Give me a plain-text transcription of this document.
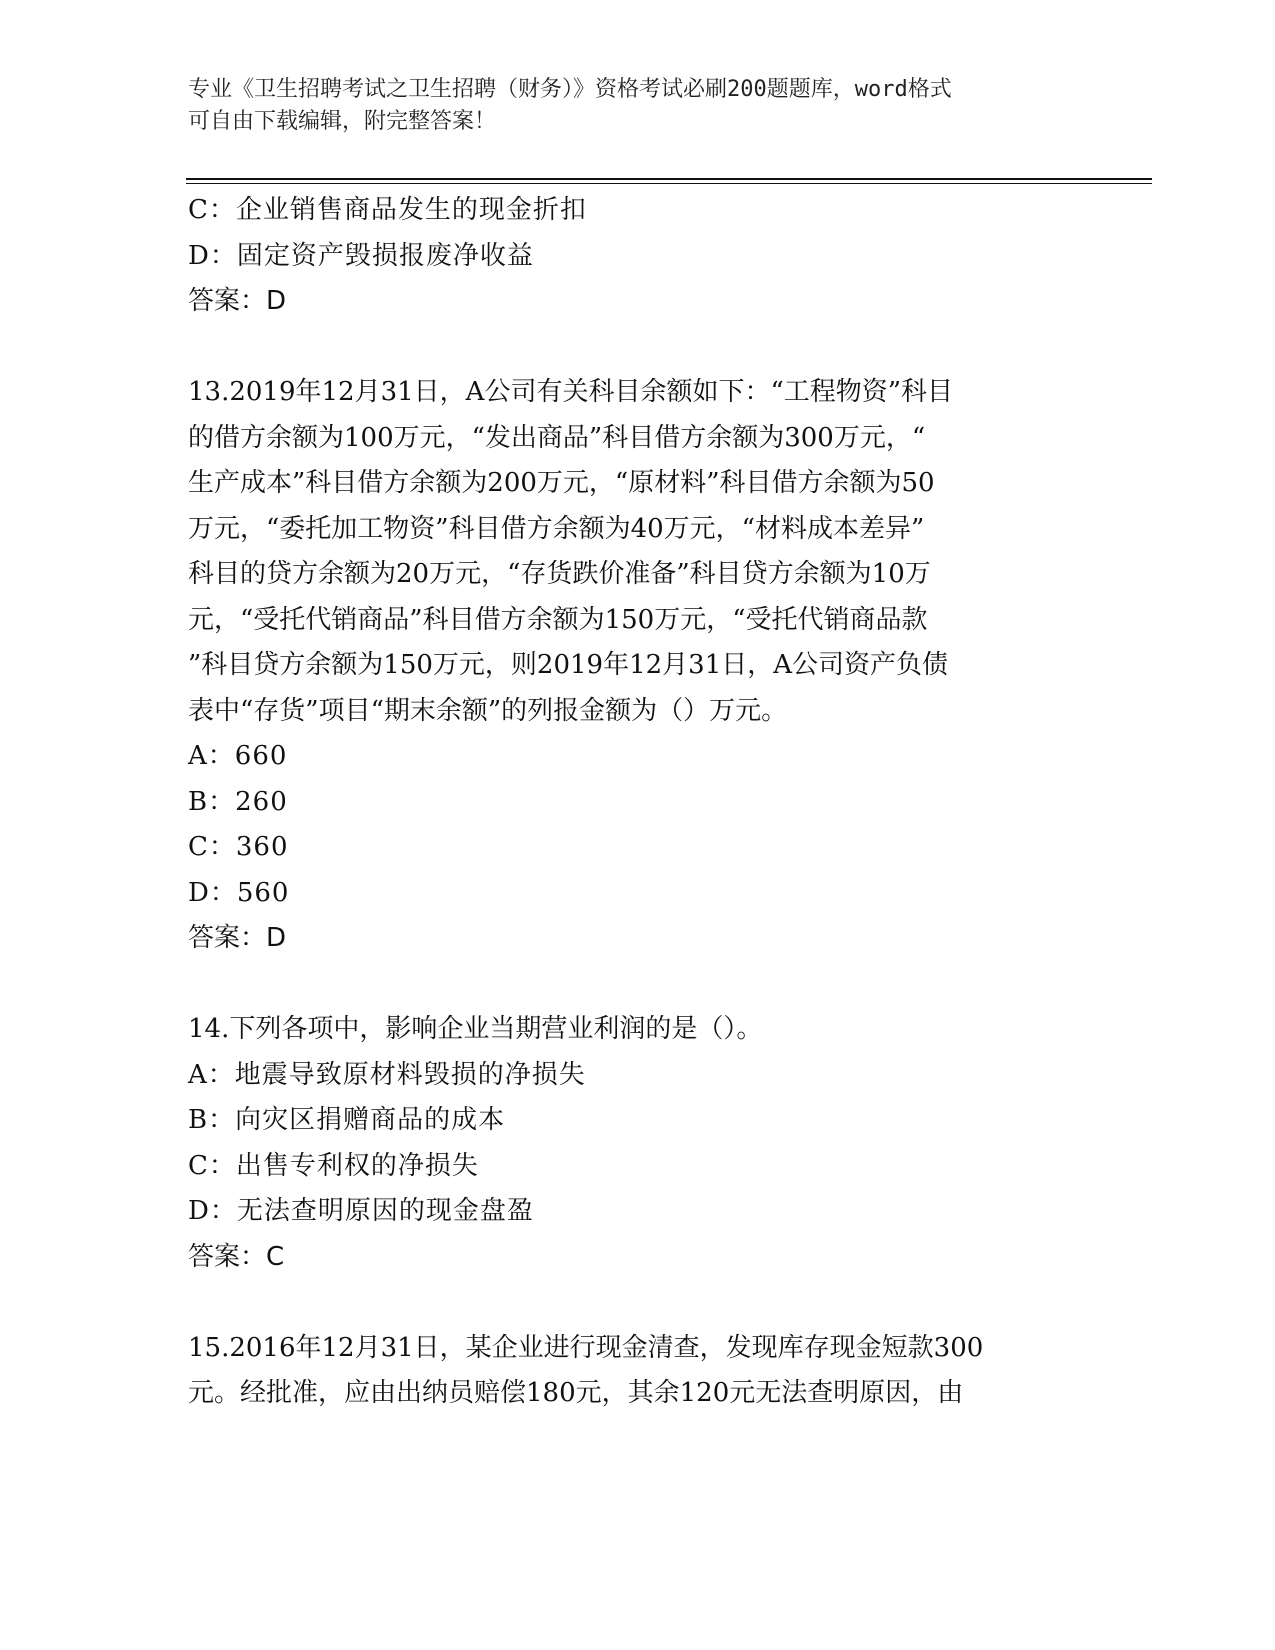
专业《卫生招聘考试之卫生招聘（财务）》资格考试必刷200题题库，word格式
可自由下载编辑，附完整答案！
C：企业销售商品发生的现金折扣
D：固定资产毁损报废净收益
答案：D
13.2019年12月31日，A公司有关科目余额如下：“工程物资”科目
的借方余额为100万元，“发出商品”科目借方余额为300万元，“
生产成本”科目借方余额为200万元，“原材料”科目借方余额为50
万元，“委托加工物资”科目借方余额为40万元，“材料成本差异”
科目的贷方余额为20万元，“存货跌价准备”科目贷方余额为10万
元，“受托代销商品”科目借方余额为150万元，“受托代销商品款
”科目贷方余额为150万元，则2019年12月31日，A公司资产负债
表中“存货”项目“期末余额”的列报金额为（）万元。
A：660
B：260
C：360
D：560
答案：D
14.下列各项中，影响企业当期营业利润的是（）。
A：地震导致原材料毁损的净损失
B：向灾区捐赠商品的成本
C：出售专利权的净损失
D：无法查明原因的现金盘盈
答案：C
15.2016年12月31日，某企业进行现金清查，发现库存现金短款300
元。经批准，应由出纳员赔偿180元，其余120元无法查明原因，由
